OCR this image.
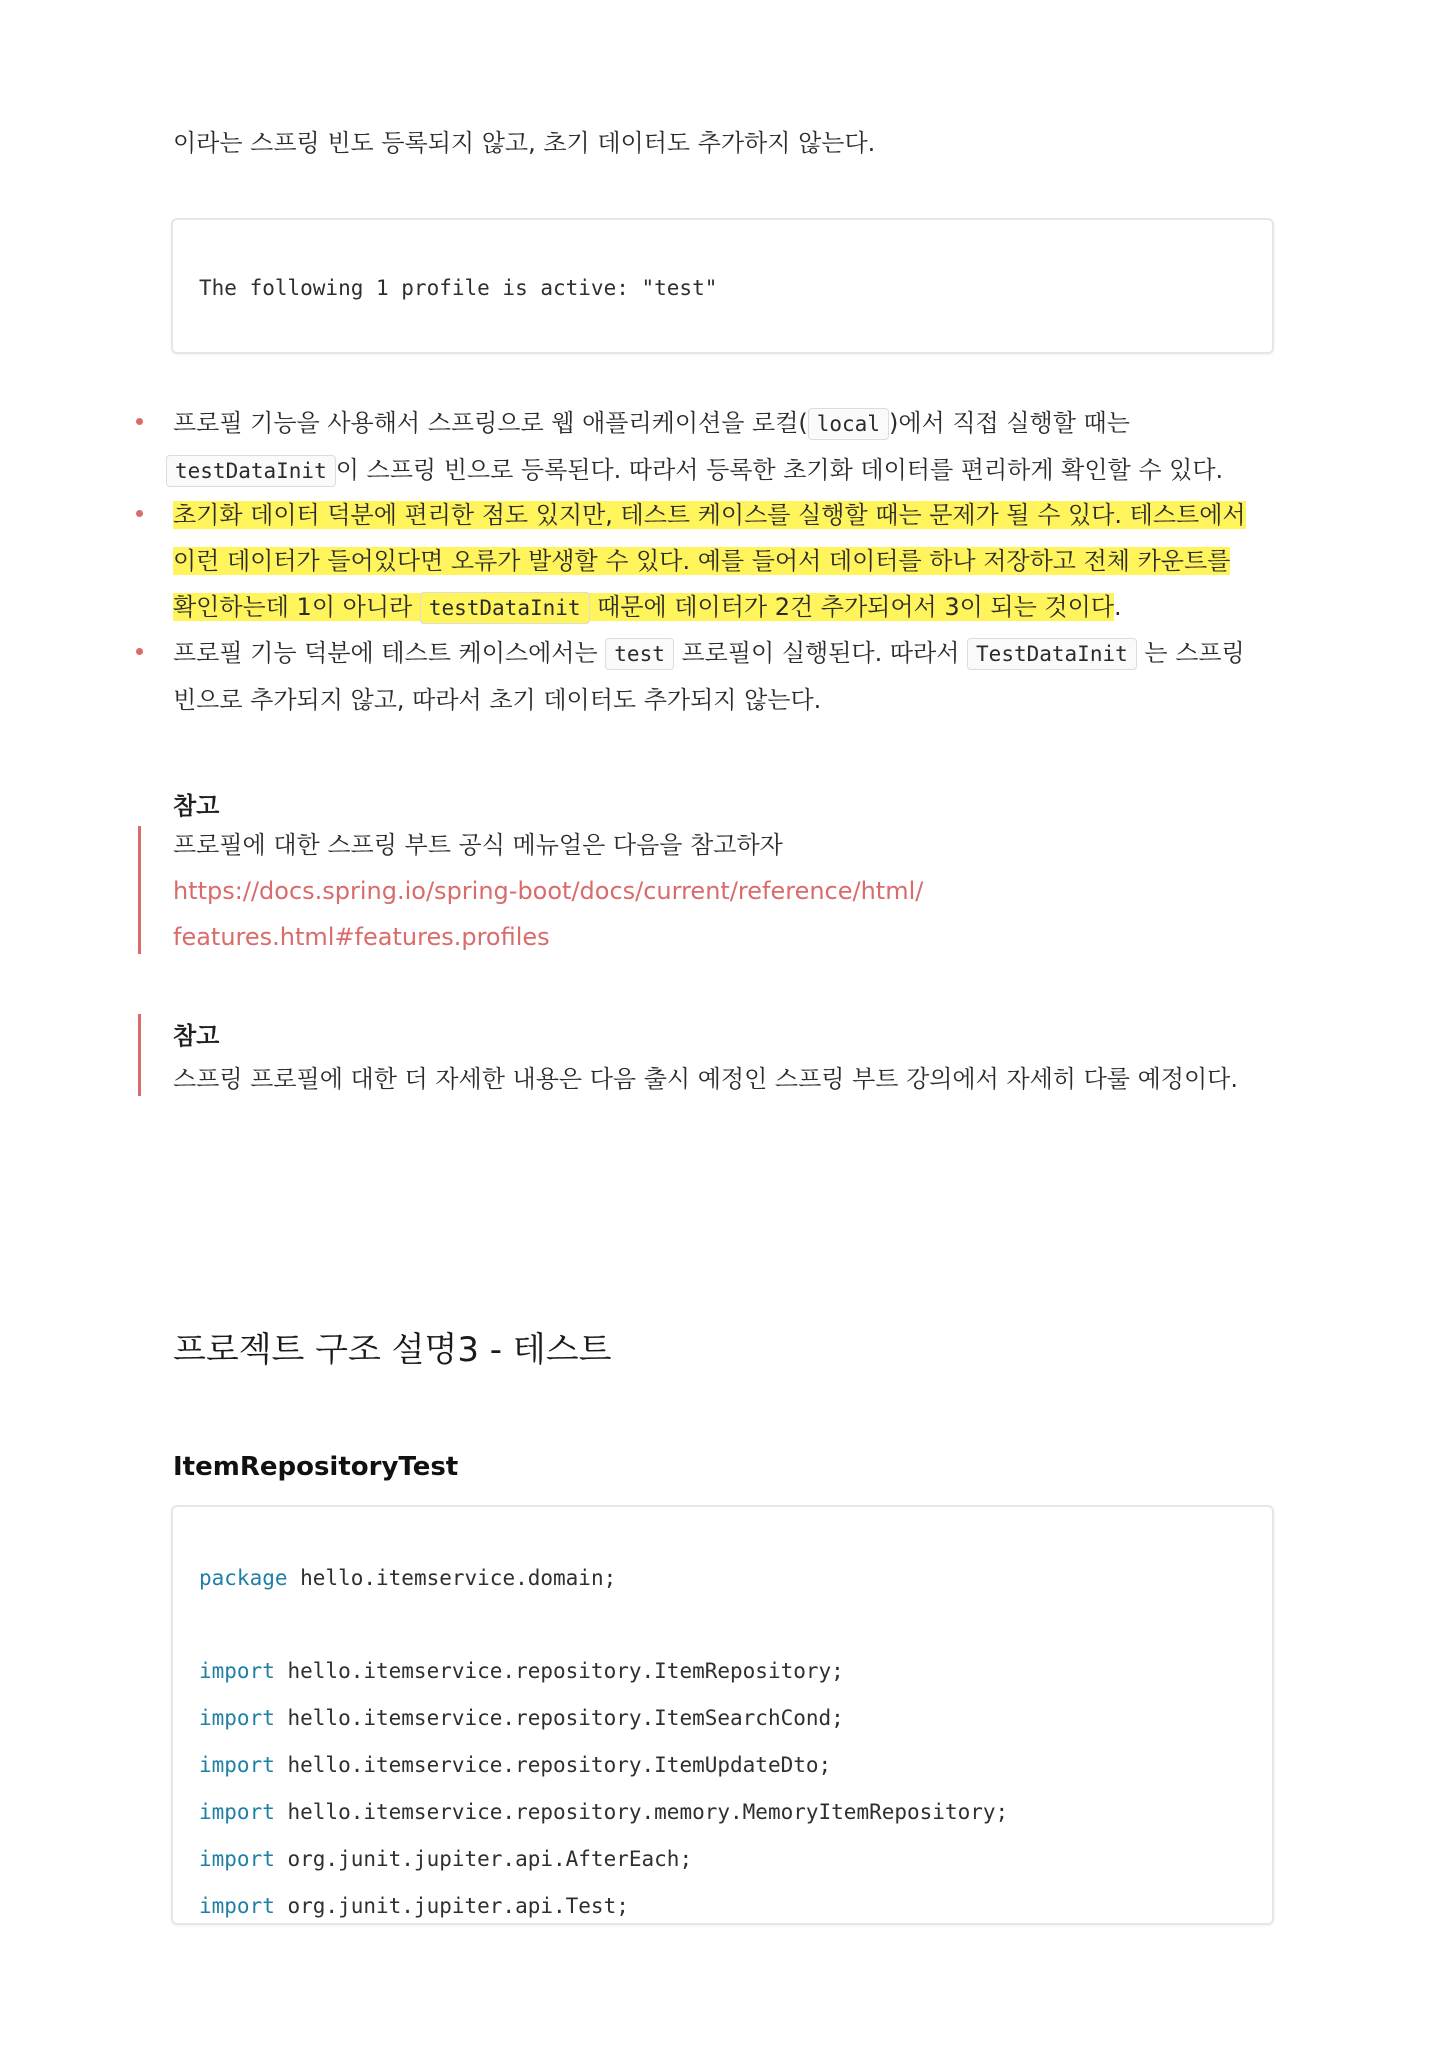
이라는 스프링 빈도 등록되지 않고, 초기 데이터도 추가하지 않는다.
The following 1 profile is active: "test"
프로필 기능을 사용해서 스프링으로 웹 애플리케이션을 로컬( local )에서 직접 실행할 때는
testDataInit 이 스프링 빈으로 등록된다. 따라서 등록한 초기화 데이터를 편리하게 확인할 수 있다.
초기화 데이터 덕분에 편리한 점도 있지만, 테스트 케이스를 실행할 때는 문제가 될 수 있다. 테스트에서
이런 데이터가 들어있다면 오류가 발생할 수 있다. 예를 들어서 데이터를 하나 저장하고 전체 카운트를
확인하는데 1이 아니라 testDataInit 때문에 데이터가 2건 추가되어서 3이 되는 것이다.
프로필 기능 덕분에 테스트 케이스에서는 test 프로필이 실행된다. 따라서 TestDataInit 는 스프링
빈으로 추가되지 않고, 따라서 초기 데이터도 추가되지 않는다.
참고
프로필에 대한 스프링 부트 공식 메뉴얼은 다음을 참고하자
https://docs.spring.io/spring-boot/docs/current/reference/html/
features.html#features.profiles
참고
스프링 프로필에 대한 더 자세한 내용은 다음 출시 예정인 스프링 부트 강의에서 자세히 다룰 예정이다.
프로젝트 구조 설명3 - 테스트
ItemRepositoryTest
package hello.itemservice.domain;
import hello.itemservice.repository.ItemRepository;
import hello.itemservice.repository.ItemSearchCond;
import hello.itemservice.repository.ItemUpdateDto;
import hello.itemservice.repository.memory.MemoryItemRepository;
import org.junit.jupiter.api.AfterEach;
import org.junit.jupiter.api.Test;
